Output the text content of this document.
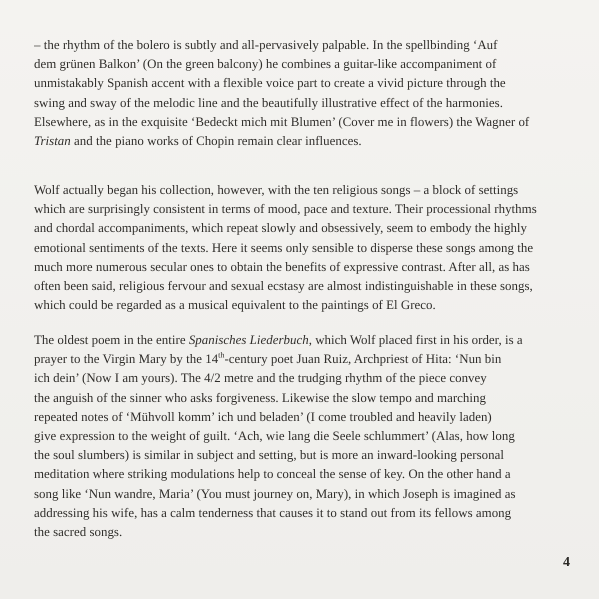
– the rhythm of the bolero is subtly and all-pervasively palpable. In the spellbinding ‘Auf
dem grünen Balkon’ (On the green balcony) he combines a guitar-like accompaniment of
unmistakably Spanish accent with a flexible voice part to create a vivid picture through the
swing and sway of the melodic line and the beautifully illustrative effect of the harmonies.
Elsewhere, as in the exquisite ‘Bedeckt mich mit Blumen’ (Cover me in flowers) the Wagner of
Tristan and the piano works of Chopin remain clear influences.
Wolf actually began his collection, however, with the ten religious songs – a block of settings
which are surprisingly consistent in terms of mood, pace and texture. Their processional rhythms
and chordal accompaniments, which repeat slowly and obsessively, seem to embody the highly
emotional sentiments of the texts. Here it seems only sensible to disperse these songs among the
much more numerous secular ones to obtain the benefits of expressive contrast. After all, as has
often been said, religious fervour and sexual ecstasy are almost indistinguishable in these songs,
which could be regarded as a musical equivalent to the paintings of El Greco.
The oldest poem in the entire Spanisches Liederbuch, which Wolf placed first in his order, is a
prayer to the Virgin Mary by the 14th-century poet Juan Ruiz, Archpriest of Hita: ‘Nun bin
ich dein’ (Now I am yours). The 4/2 metre and the trudging rhythm of the piece convey
the anguish of the sinner who asks forgiveness. Likewise the slow tempo and marching
repeated notes of ‘Mühvoll komm’ ich und beladen’ (I come troubled and heavily laden)
give expression to the weight of guilt. ‘Ach, wie lang die Seele schlummert’ (Alas, how long
the soul slumbers) is similar in subject and setting, but is more an inward-looking personal
meditation where striking modulations help to conceal the sense of key. On the other hand a
song like ‘Nun wandre, Maria’ (You must journey on, Mary), in which Joseph is imagined as
addressing his wife, has a calm tenderness that causes it to stand out from its fellows among
the sacred songs.
4
